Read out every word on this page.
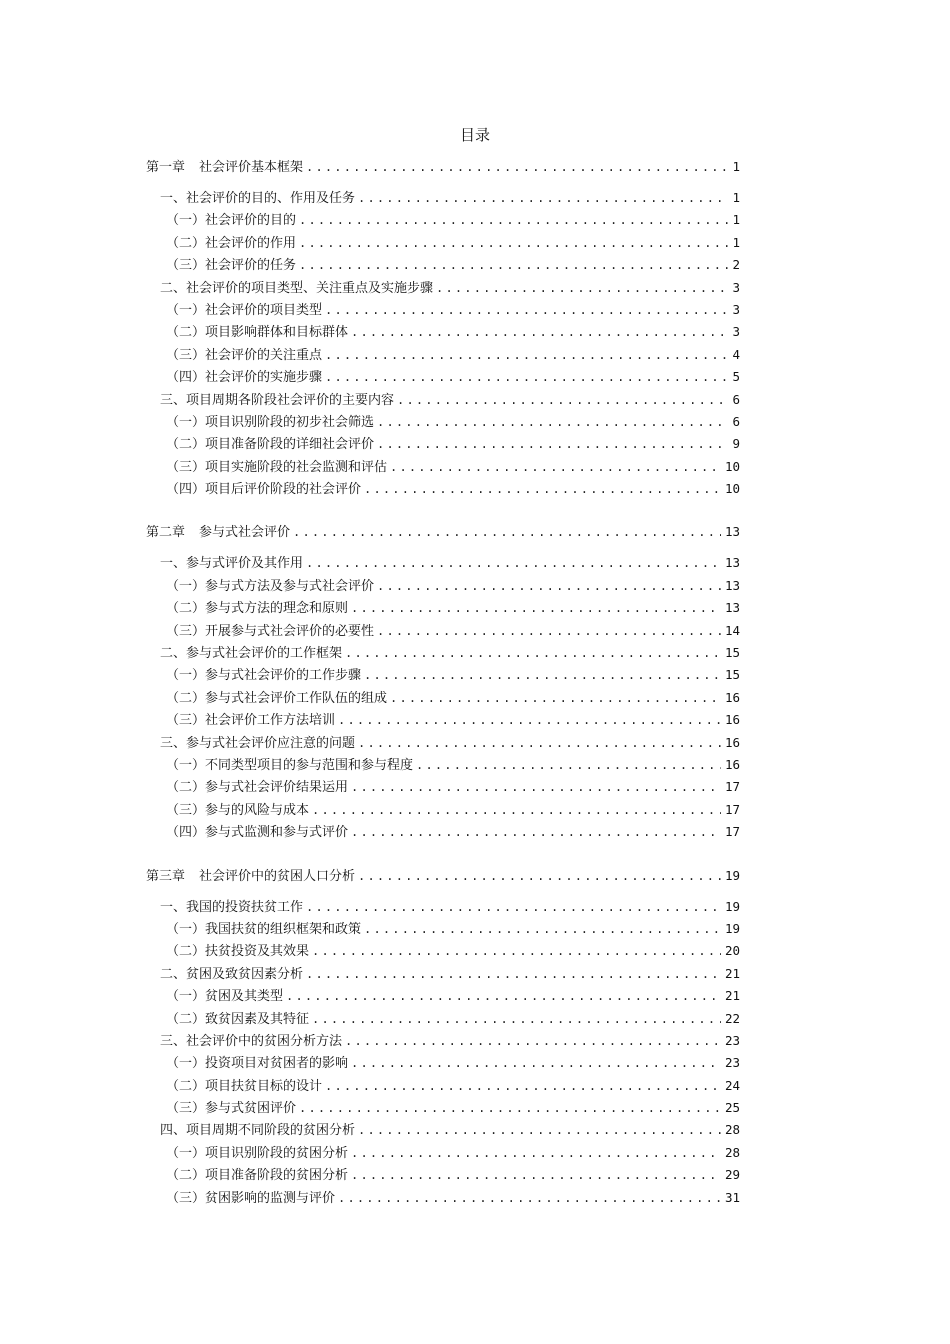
目录
第一章	社会评价基本框架 .....	1
一、社会评价的目的、作用及任务 .....	1
（一）社会评价的目的 .....	1
（二）社会评价的作用 .....	1
（三）社会评价的任务 .....	2
二、社会评价的项目类型、关注重点及实施步骤 .....	3
（一）社会评价的项目类型 .....	3
（二）项目影响群体和目标群体 .....	3
（三）社会评价的关注重点 .....	4
（四）社会评价的实施步骤 .....	5
三、项目周期各阶段社会评价的主要内容 .....	6
（一）项目识别阶段的初步社会筛选 .....	6
（二）项目准备阶段的详细社会评价 .....	9
（三）项目实施阶段的社会监测和评估 .....	10
（四）项目后评价阶段的社会评价 .....	10
第二章	参与式社会评价 .....	13
一、参与式评价及其作用 .....	13
（一）参与式方法及参与式社会评价 .....	13
（二）参与式方法的理念和原则 .....	13
（三）开展参与式社会评价的必要性 .....	14
二、参与式社会评价的工作框架 .....	15
（一）参与式社会评价的工作步骤 .....	15
（二）参与式社会评价工作队伍的组成 .....	16
（三）社会评价工作方法培训 .....	16
三、参与式社会评价应注意的问题 .....	16
（一）不同类型项目的参与范围和参与程度 .....	16
（二）参与式社会评价结果运用 .....	17
（三）参与的风险与成本 .....	17
（四）参与式监测和参与式评价 .....	17
第三章	社会评价中的贫困人口分析 .....	19
一、我国的投资扶贫工作 .....	19
（一）我国扶贫的组织框架和政策 .....	19
（二）扶贫投资及其效果 .....	20
二、贫困及致贫因素分析 .....	21
（一）贫困及其类型 .....	21
（二）致贫因素及其特征 .....	22
三、社会评价中的贫困分析方法 .....	23
（一）投资项目对贫困者的影响 .....	23
（二）项目扶贫目标的设计 .....	24
（三）参与式贫困评价 .....	25
四、项目周期不同阶段的贫困分析 .....	28
（一）项目识别阶段的贫困分析 .....	28
（二）项目准备阶段的贫困分析 .....	29
（三）贫困影响的监测与评价 .....	31
